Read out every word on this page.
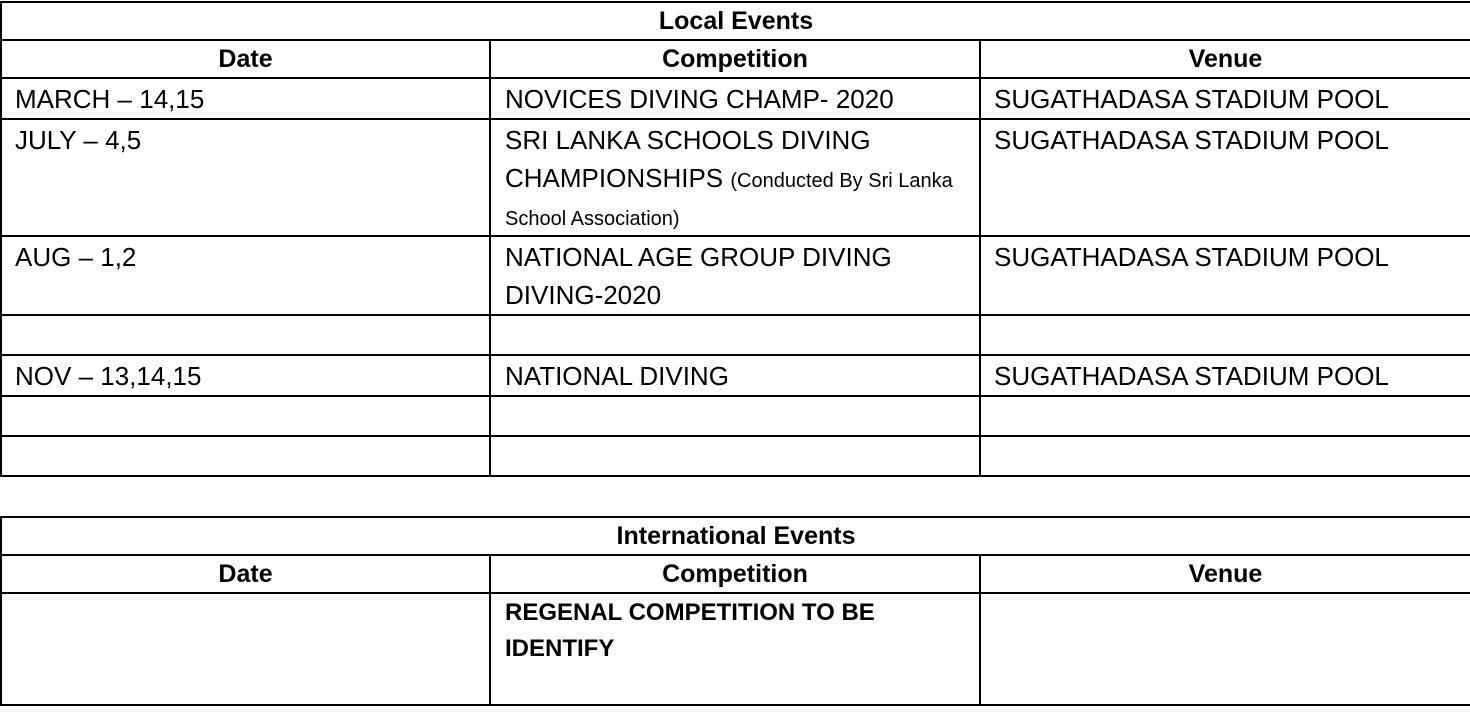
Local Events		
Date	Competition	Venue
MARCH – 14,15	NOVICES DIVING CHAMP- 2020	SUGATHADASA STADIUM POOL
JULY – 4,5	SRI LANKA SCHOOLS DIVING CHAMPIONSHIPS (Conducted By Sri Lanka School Association)	SUGATHADASA STADIUM POOL
AUG – 1,2	NATIONAL AGE GROUP DIVING DIVING-2020	SUGATHADASA STADIUM POOL

NOV – 13,14,15	NATIONAL DIVING	SUGATHADASA STADIUM POOL

International Events		
Date	Competition	Venue
	REGENAL COMPETITION TO BE IDENTIFY	
